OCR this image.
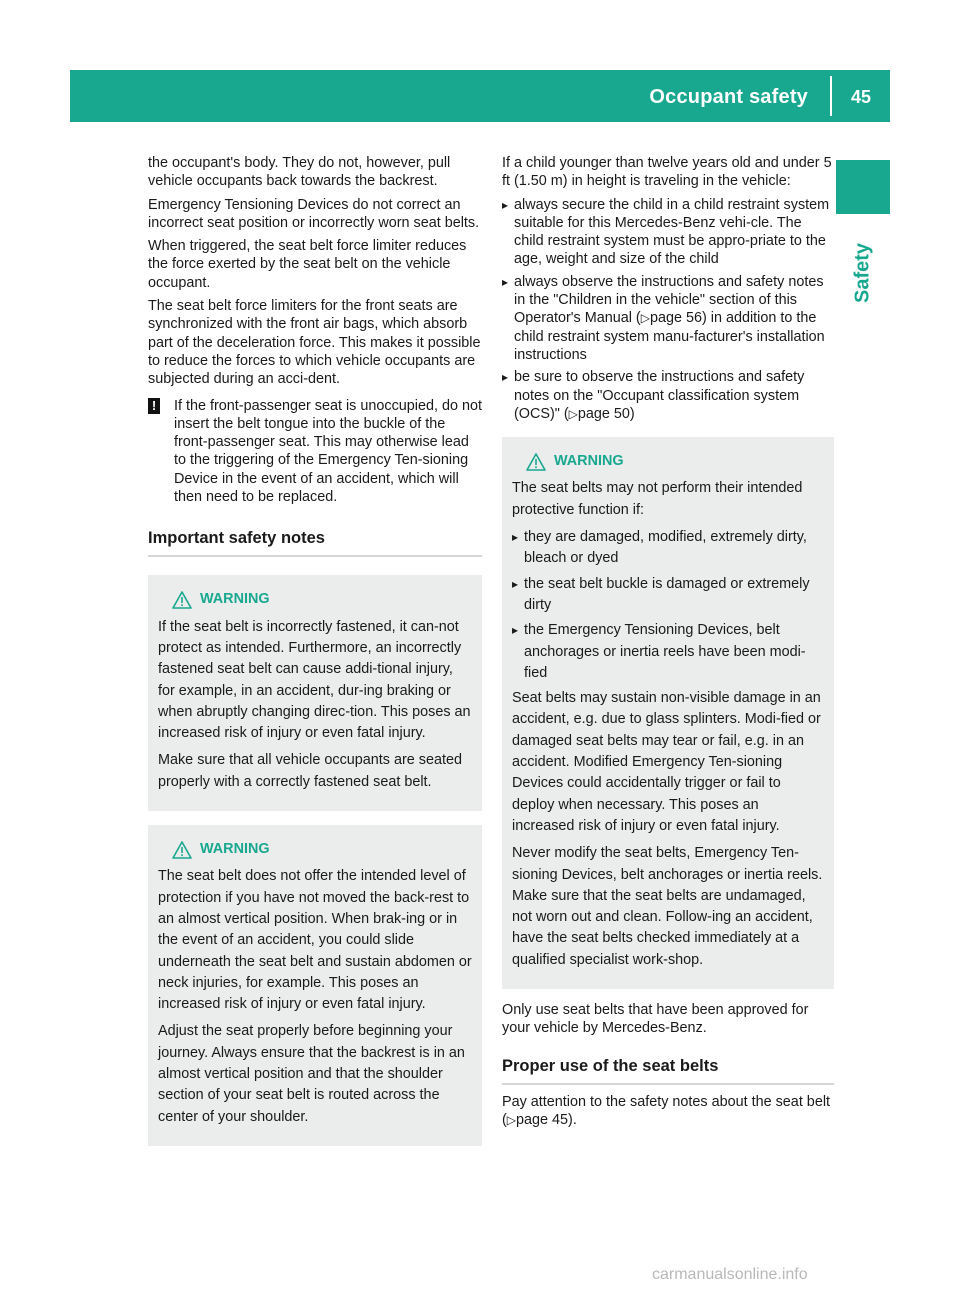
Occupant safety	45
Safety

the occupant's body. They do not, however, pull vehicle occupants back towards the backrest.

Emergency Tensioning Devices do not correct an incorrect seat position or incorrectly worn seat belts.

When triggered, the seat belt force limiter reduces the force exerted by the seat belt on the vehicle occupant.

The seat belt force limiters for the front seats are synchronized with the front air bags, which absorb part of the deceleration force. This makes it possible to reduce the forces to which vehicle occupants are subjected during an acci-dent.

! If the front-passenger seat is unoccupied, do not insert the belt tongue into the buckle of the front-passenger seat. This may otherwise lead to the triggering of the Emergency Ten-sioning Device in the event of an accident, which will then need to be replaced.

Important safety notes
WARNING

If the seat belt is incorrectly fastened, it can-not protect as intended. Furthermore, an incorrectly fastened seat belt can cause addi-tional injury, for example, in an accident, dur-ing braking or when abruptly changing direc-tion. This poses an increased risk of injury or even fatal injury.

Make sure that all vehicle occupants are seated properly with a correctly fastened seat belt.

WARNING

The seat belt does not offer the intended level of protection if you have not moved the back-rest to an almost vertical position. When brak-ing or in the event of an accident, you could slide underneath the seat belt and sustain abdomen or neck injuries, for example. This poses an increased risk of injury or even fatal injury.

Adjust the seat properly before beginning your journey. Always ensure that the backrest is in an almost vertical position and that the shoulder section of your seat belt is routed across the center of your shoulder.

If a child younger than twelve years old and under 5 ft (1.50 m) in height is traveling in the vehicle:

▸ always secure the child in a child restraint system suitable for this Mercedes-Benz vehi-cle. The child restraint system must be appro-priate to the age, weight and size of the child
▸ always observe the instructions and safety notes in the "Children in the vehicle" section of this Operator's Manual (▷page 56) in addition to the child restraint system manu-facturer's installation instructions
▸ be sure to observe the instructions and safety notes on the "Occupant classification system (OCS)" (▷page 50)
WARNING

The seat belts may not perform their intended protective function if:

▸ they are damaged, modified, extremely dirty, bleach or dyed
▸ the seat belt buckle is damaged or extremely dirty
▸ the Emergency Tensioning Devices, belt anchorages or inertia reels have been modi-fied

Seat belts may sustain non-visible damage in an accident, e.g. due to glass splinters. Modi-fied or damaged seat belts may tear or fail, e.g. in an accident. Modified Emergency Ten-sioning Devices could accidentally trigger or fail to deploy when necessary. This poses an increased risk of injury or even fatal injury.

Never modify the seat belts, Emergency Ten-sioning Devices, belt anchorages or inertia reels. Make sure that the seat belts are undamaged, not worn out and clean. Follow-ing an accident, have the seat belts checked immediately at a qualified specialist work-shop.

Only use seat belts that have been approved for your vehicle by Mercedes-Benz.

Proper use of the seat belts

Pay attention to the safety notes about the seat belt (▷page 45).

carmanualsonline.info
